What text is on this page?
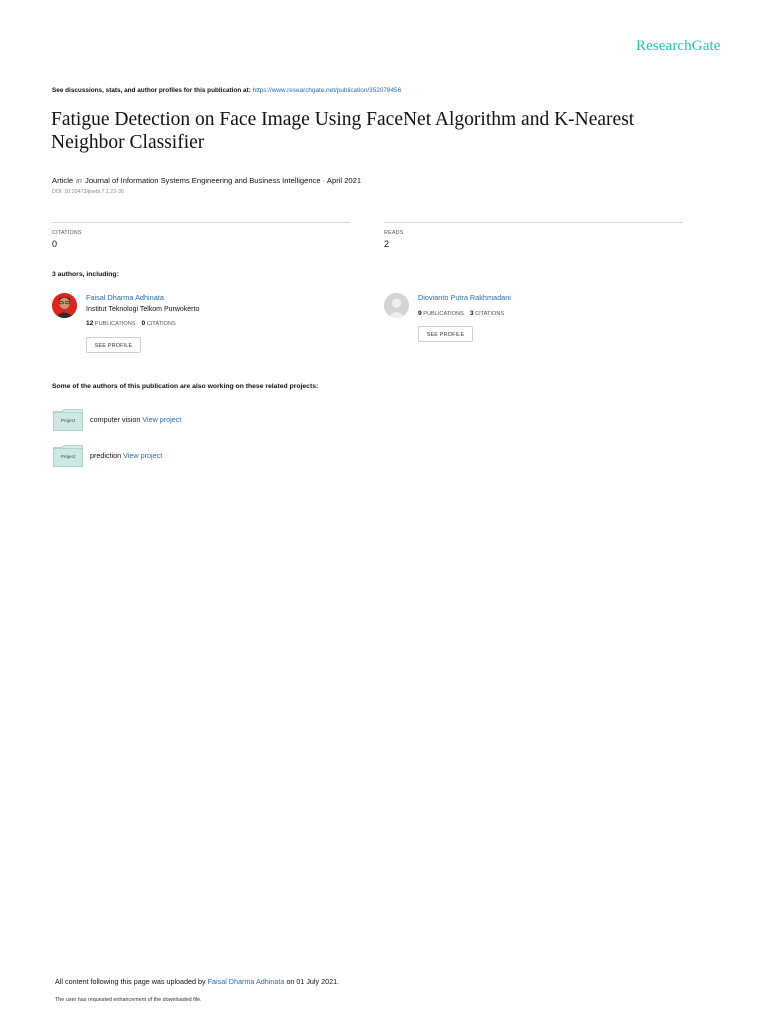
ResearchGate
See discussions, stats, and author profiles for this publication at: https://www.researchgate.net/publication/352078456
Fatigue Detection on Face Image Using FaceNet Algorithm and K-Nearest Neighbor Classifier
Article in Journal of Information Systems Engineering and Business Intelligence · April 2021
DOI: 10.20473/jisebi.7.1.22-30
CITATIONS
0
READS
2
3 authors, including:
Faisal Dharma Adhinata
Institut Teknologi Telkom Purwokerto
12 PUBLICATIONS 0 CITATIONS
SEE PROFILE
Diovianto Putra Rakhmadani
9 PUBLICATIONS 3 CITATIONS
SEE PROFILE
Some of the authors of this publication are also working on these related projects:
Project	computer vision View project
Project	prediction View project
All content following this page was uploaded by Faisal Dharma Adhinata on 01 July 2021.
The user has requested enhancement of the downloaded file.
